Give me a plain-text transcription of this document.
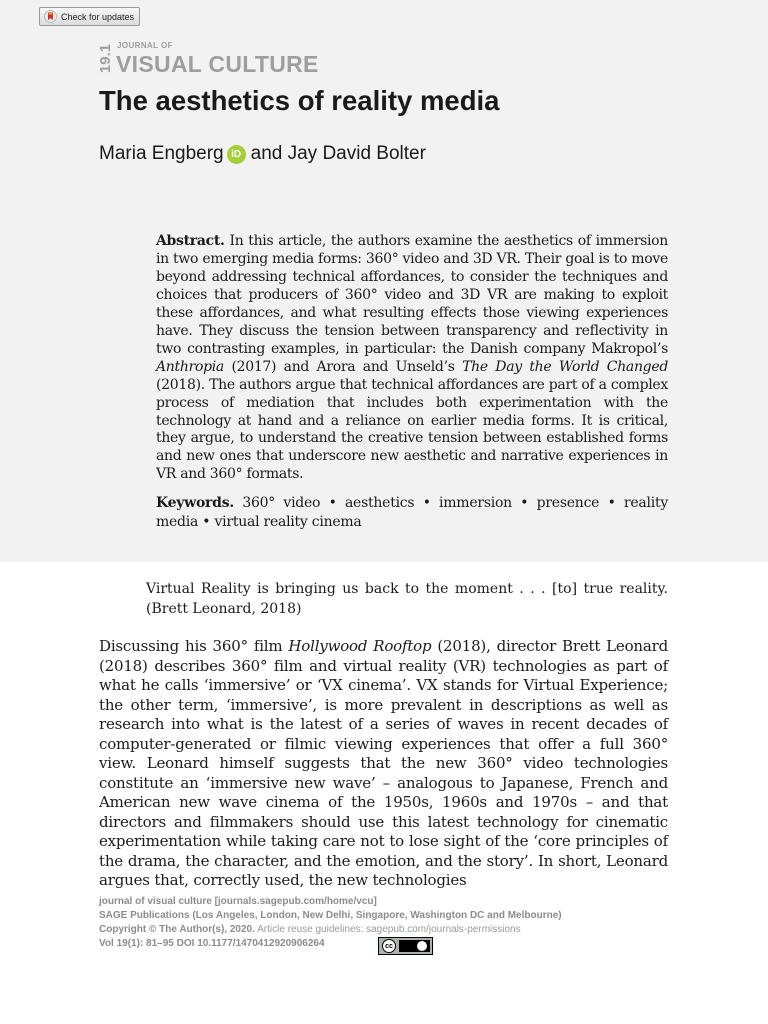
Check for updates
19.1 JOURNAL OF
VISUAL CULTURE
The aesthetics of reality media
Maria Engberg iD and Jay David Bolter

Abstract. In this article, the authors examine the aesthetics of immersion in two emerging media forms: 360° video and 3D VR. Their goal is to move beyond addressing technical affordances, to consider the techniques and choices that producers of 360° video and 3D VR are making to exploit these affordances, and what resulting effects those viewing experiences have. They discuss the tension between transparency and reflectivity in two contrasting examples, in particular: the Danish company Makropol’s Anthropia (2017) and Arora and Unseld’s The Day the World Changed (2018). The authors argue that technical affordances are part of a complex process of mediation that includes both experimentation with the technology at hand and a reliance on earlier media forms. It is critical, they argue, to understand the creative tension between established forms and new ones that underscore new aesthetic and narrative experiences in VR and 360° formats.

Keywords. 360° video • aesthetics • immersion • presence • reality media • virtual reality cinema

Virtual Reality is bringing us back to the moment . . . [to] true reality. (Brett Leonard, 2018)

Discussing his 360° film Hollywood Rooftop (2018), director Brett Leonard (2018) describes 360° film and virtual reality (VR) technologies as part of what he calls ‘immersive’ or ‘VX cinema’. VX stands for Virtual Experience; the other term, ‘immersive’, is more prevalent in descriptions as well as research into what is the latest of a series of waves in recent decades of computer-generated or filmic viewing experiences that offer a full 360° view. Leonard himself suggests that the new 360° video technologies constitute an ‘immersive new wave’ – analogous to Japanese, French and American new wave cinema of the 1950s, 1960s and 1970s – and that directors and filmmakers should use this latest technology for cinematic experimentation while taking care not to lose sight of the ‘core principles of the drama, the character, and the emotion, and the story’. In short, Leonard argues that, correctly used, the new technologies

journal of visual culture [journals.sagepub.com/home/vcu]
SAGE Publications (Los Angeles, London, New Delhi, Singapore, Washington DC and Melbourne)
Copyright © The Author(s), 2020. Article reuse guidelines: sagepub.com/journals-permissions
Vol 19(1): 81–95 DOI 10.1177/1470412920906264	cc
